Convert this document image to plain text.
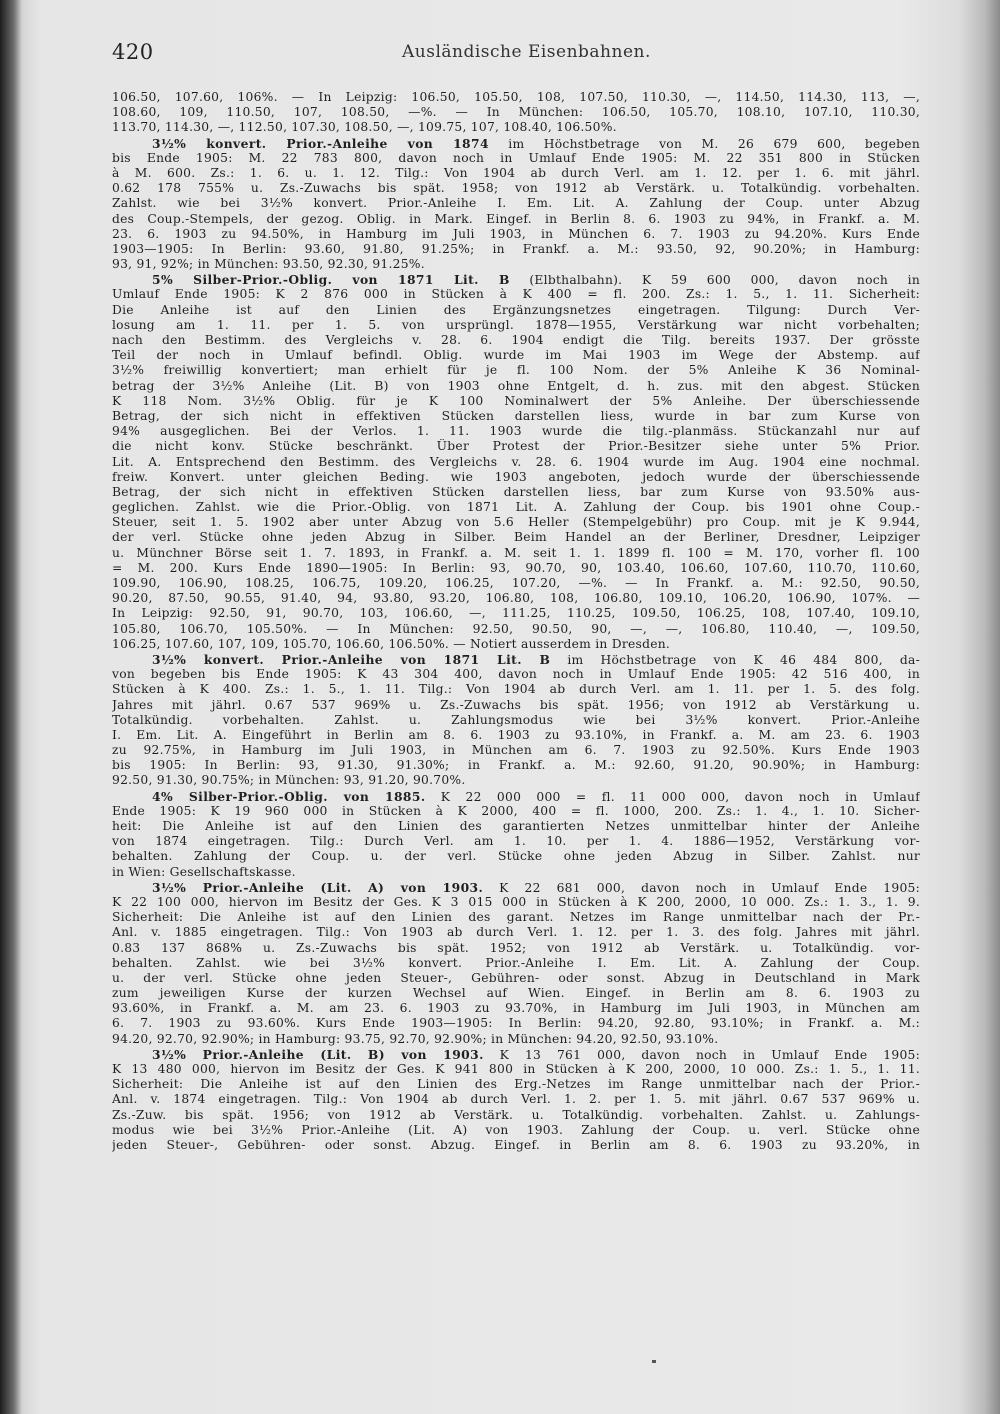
420	Ausländische Eisenbahnen.
106.50, 107.60, 106%. — In Leipzig: 106.50, 105.50, 108, 107.50, 110.30, —, 114.50, 114.30, 113, —,
108.60, 109, 110.50, 107, 108.50, —%. — In München: 106.50, 105.70, 108.10, 107.10, 110.30,
113.70, 114.30, —, 112.50, 107.30, 108.50, —, 109.75, 107, 108.40, 106.50%.
3½% konvert. Prior.-Anleihe von 1874 im Höchstbetrage von M. 26 679 600, begeben
bis Ende 1905: M. 22 783 800, davon noch in Umlauf Ende 1905: M. 22 351 800 in Stücken
à M. 600. Zs.: 1. 6. u. 1. 12. Tilg.: Von 1904 ab durch Verl. am 1. 12. per 1. 6. mit jährl.
0.62 178 755% u. Zs.-Zuwachs bis spät. 1958; von 1912 ab Verstärk. u. Totalkündig. vorbehalten.
Zahlst. wie bei 3½% konvert. Prior.-Anleihe I. Em. Lit. A. Zahlung der Coup. unter Abzug
des Coup.-Stempels, der gezog. Oblig. in Mark. Eingef. in Berlin 8. 6. 1903 zu 94%, in Frankf. a. M.
23. 6. 1903 zu 94.50%, in Hamburg im Juli 1903, in München 6. 7. 1903 zu 94.20%. Kurs Ende
1903—1905: In Berlin: 93.60, 91.80, 91.25%; in Frankf. a. M.: 93.50, 92, 90.20%; in Hamburg:
93, 91, 92%; in München: 93.50, 92.30, 91.25%.
5% Silber-Prior.-Oblig. von 1871 Lit. B (Elbthalbahn). K 59 600 000, davon noch in
Umlauf Ende 1905: K 2 876 000 in Stücken à K 400 = fl. 200. Zs.: 1. 5., 1. 11. Sicherheit:
Die Anleihe ist auf den Linien des Ergänzungsnetzes eingetragen. Tilgung: Durch Ver-
losung am 1. 11. per 1. 5. von ursprüngl. 1878—1955, Verstärkung war nicht vorbehalten;
nach den Bestimm. des Vergleichs v. 28. 6. 1904 endigt die Tilg. bereits 1937. Der grösste
Teil der noch in Umlauf befindl. Oblig. wurde im Mai 1903 im Wege der Abstemp. auf
3½% freiwillig konvertiert; man erhielt für je fl. 100 Nom. der 5% Anleihe K 36 Nominal-
betrag der 3½% Anleihe (Lit. B) von 1903 ohne Entgelt, d. h. zus. mit den abgest. Stücken
K 118 Nom. 3½% Oblig. für je K 100 Nominalwert der 5% Anleihe. Der überschiessende
Betrag, der sich nicht in effektiven Stücken darstellen liess, wurde in bar zum Kurse von
94% ausgeglichen. Bei der Verlos. 1. 11. 1903 wurde die tilg.-planmäss. Stückanzahl nur auf
die nicht konv. Stücke beschränkt. Über Protest der Prior.-Besitzer siehe unter 5% Prior.
Lit. A. Entsprechend den Bestimm. des Vergleichs v. 28. 6. 1904 wurde im Aug. 1904 eine nochmal.
freiw. Konvert. unter gleichen Beding. wie 1903 angeboten, jedoch wurde der überschiessende
Betrag, der sich nicht in effektiven Stücken darstellen liess, bar zum Kurse von 93.50% aus-
geglichen. Zahlst. wie die Prior.-Oblig. von 1871 Lit. A. Zahlung der Coup. bis 1901 ohne Coup.-
Steuer, seit 1. 5. 1902 aber unter Abzug von 5.6 Heller (Stempelgebühr) pro Coup. mit je K 9.944,
der verl. Stücke ohne jeden Abzug in Silber. Beim Handel an der Berliner, Dresdner, Leipziger
u. Münchner Börse seit 1. 7. 1893, in Frankf. a. M. seit 1. 1. 1899 fl. 100 = M. 170, vorher fl. 100
= M. 200. Kurs Ende 1890—1905: In Berlin: 93, 90.70, 90, 103.40, 106.60, 107.60, 110.70, 110.60,
109.90, 106.90, 108.25, 106.75, 109.20, 106.25, 107.20, —%. — In Frankf. a. M.: 92.50, 90.50,
90.20, 87.50, 90.55, 91.40, 94, 93.80, 93.20, 106.80, 108, 106.80, 109.10, 106.20, 106.90, 107%. —
In Leipzig: 92.50, 91, 90.70, 103, 106.60, —, 111.25, 110.25, 109.50, 106.25, 108, 107.40, 109.10,
105.80, 106.70, 105.50%. — In München: 92.50, 90.50, 90, —, —, 106.80, 110.40, —, 109.50,
106.25, 107.60, 107, 109, 105.70, 106.60, 106.50%. — Notiert ausserdem in Dresden.
3½% konvert. Prior.-Anleihe von 1871 Lit. B im Höchstbetrage von K 46 484 800, da-
von begeben bis Ende 1905: K 43 304 400, davon noch in Umlauf Ende 1905: 42 516 400, in
Stücken à K 400. Zs.: 1. 5., 1. 11. Tilg.: Von 1904 ab durch Verl. am 1. 11. per 1. 5. des folg.
Jahres mit jährl. 0.67 537 969% u. Zs.-Zuwachs bis spät. 1956; von 1912 ab Verstärkung u.
Totalkündig. vorbehalten. Zahlst. u. Zahlungsmodus wie bei 3½% konvert. Prior.-Anleihe
I. Em. Lit. A. Eingeführt in Berlin am 8. 6. 1903 zu 93.10%, in Frankf. a. M. am 23. 6. 1903
zu 92.75%, in Hamburg im Juli 1903, in München am 6. 7. 1903 zu 92.50%. Kurs Ende 1903
bis 1905: In Berlin: 93, 91.30, 91.30%; in Frankf. a. M.: 92.60, 91.20, 90.90%; in Hamburg:
92.50, 91.30, 90.75%; in München: 93, 91.20, 90.70%.
4% Silber-Prior.-Oblig. von 1885. K 22 000 000 = fl. 11 000 000, davon noch in Umlauf
Ende 1905: K 19 960 000 in Stücken à K 2000, 400 = fl. 1000, 200. Zs.: 1. 4., 1. 10. Sicher-
heit: Die Anleihe ist auf den Linien des garantierten Netzes unmittelbar hinter der Anleihe
von 1874 eingetragen. Tilg.: Durch Verl. am 1. 10. per 1. 4. 1886—1952, Verstärkung vor-
behalten. Zahlung der Coup. u. der verl. Stücke ohne jeden Abzug in Silber. Zahlst. nur
in Wien: Gesellschaftskasse.
3½% Prior.-Anleihe (Lit. A) von 1903. K 22 681 000, davon noch in Umlauf Ende 1905:
K 22 100 000, hiervon im Besitz der Ges. K 3 015 000 in Stücken à K 200, 2000, 10 000. Zs.: 1. 3., 1. 9.
Sicherheit: Die Anleihe ist auf den Linien des garant. Netzes im Range unmittelbar nach der Pr.-
Anl. v. 1885 eingetragen. Tilg.: Von 1903 ab durch Verl. 1. 12. per 1. 3. des folg. Jahres mit jährl.
0.83 137 868% u. Zs.-Zuwachs bis spät. 1952; von 1912 ab Verstärk. u. Totalkündig. vor-
behalten. Zahlst. wie bei 3½% konvert. Prior.-Anleihe I. Em. Lit. A. Zahlung der Coup.
u. der verl. Stücke ohne jeden Steuer-, Gebühren- oder sonst. Abzug in Deutschland in Mark
zum jeweiligen Kurse der kurzen Wechsel auf Wien. Eingef. in Berlin am 8. 6. 1903 zu
93.60%, in Frankf. a. M. am 23. 6. 1903 zu 93.70%, in Hamburg im Juli 1903, in München am
6. 7. 1903 zu 93.60%. Kurs Ende 1903—1905: In Berlin: 94.20, 92.80, 93.10%; in Frankf. a. M.:
94.20, 92.70, 92.90%; in Hamburg: 93.75, 92.70, 92.90%; in München: 94.20, 92.50, 93.10%.
3½% Prior.-Anleihe (Lit. B) von 1903. K 13 761 000, davon noch in Umlauf Ende 1905:
K 13 480 000, hiervon im Besitz der Ges. K 941 800 in Stücken à K 200, 2000, 10 000. Zs.: 1. 5., 1. 11.
Sicherheit: Die Anleihe ist auf den Linien des Erg.-Netzes im Range unmittelbar nach der Prior.-
Anl. v. 1874 eingetragen. Tilg.: Von 1904 ab durch Verl. 1. 2. per 1. 5. mit jährl. 0.67 537 969% u.
Zs.-Zuw. bis spät. 1956; von 1912 ab Verstärk. u. Totalkündig. vorbehalten. Zahlst. u. Zahlungs-
modus wie bei 3½% Prior.-Anleihe (Lit. A) von 1903. Zahlung der Coup. u. verl. Stücke ohne
jeden Steuer-, Gebühren- oder sonst. Abzug. Eingef. in Berlin am 8. 6. 1903 zu 93.20%, in
